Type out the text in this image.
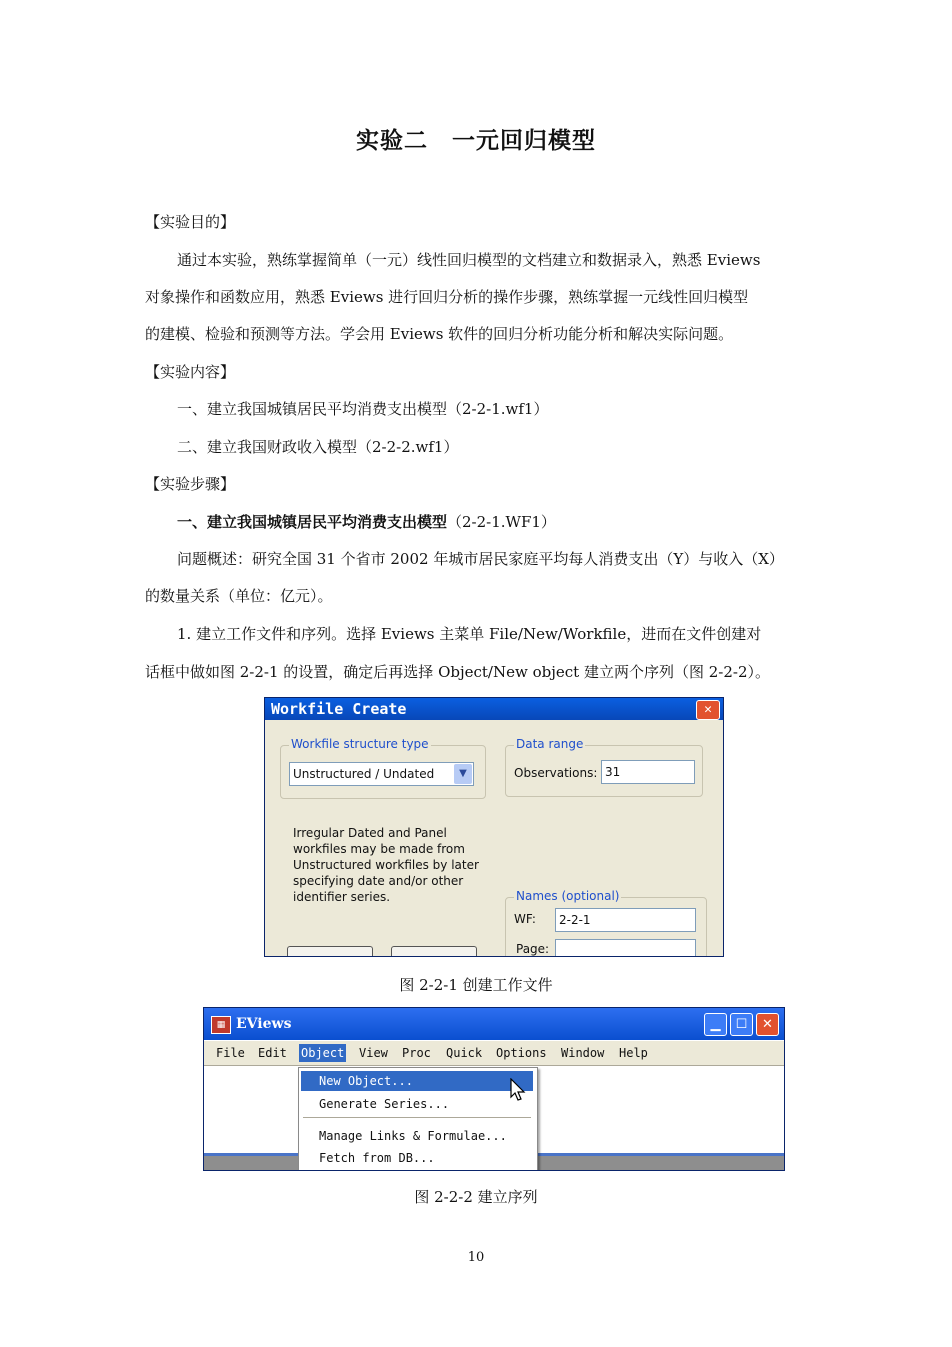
实验二　一元回归模型
【实验目的】
通过本实验，熟练掌握简单（一元）线性回归模型的文档建立和数据录入，熟悉 Eviews
对象操作和函数应用，熟悉 Eviews 进行回归分析的操作步骤，熟练掌握一元线性回归模型
的建模、检验和预测等方法。学会用 Eviews 软件的回归分析功能分析和解决实际问题。
【实验内容】
一、建立我国城镇居民平均消费支出模型（2-2-1.wf1）
二、建立我国财政收入模型（2-2-2.wf1）
【实验步骤】
一、建立我国城镇居民平均消费支出模型（2-2-1.WF1）
问题概述：研究全国 31 个省市 2002 年城市居民家庭平均每人消费支出（Y）与收入（X）
的数量关系（单位：亿元）。
1. 建立工作文件和序列。选择 Eviews 主菜单 File/New/Workfile，进而在文件创建对
话框中做如图 2-2-1 的设置，确定后再选择 Object/New object 建立两个序列（图 2-2-2）。
Workfile Create	✕
Workfile structure type
Unstructured / Undated	▼
Data range
Observations: 31
Irregular Dated and Panel workfiles may be made from Unstructured workfiles by later specifying date and/or other identifier series.	Names (optional)
WF:	2-2-1
Page:
图 2-2-1 创建工作文件
▦ EViews	▁	☐	✕
File Edit Object View Proc Quick Options Window Help
New Object...
Generate Series...
Manage Links & Formulae...
Fetch from DB...
图 2-2-2 建立序列
10
